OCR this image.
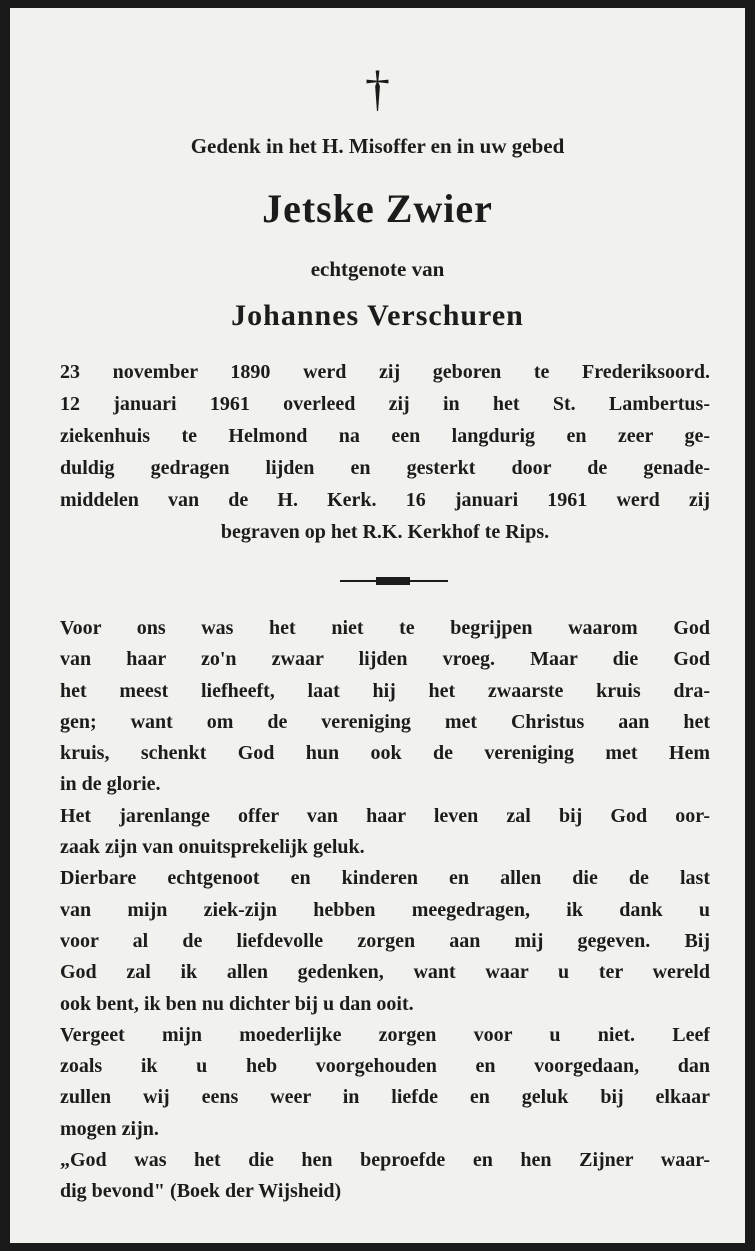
†
Gedenk in het H. Misoffer en in uw gebed
Jetske Zwier
echtgenote van
Johannes Verschuren
23 november 1890 werd zij geboren te Frederiksoord.
12 januari 1961 overleed zij in het St. Lambertus-
ziekenhuis te Helmond na een langdurig en zeer ge-
duldig gedragen lijden en gesterkt door de genade-
middelen van de H. Kerk. 16 januari 1961 werd zij
begraven op het R.K. Kerkhof te Rips.
Voor ons was het niet te begrijpen waarom God
van haar zo'n zwaar lijden vroeg. Maar die God
het meest liefheeft, laat hij het zwaarste kruis dra-
gen; want om de vereniging met Christus aan het
kruis, schenkt God hun ook de vereniging met Hem
in de glorie.
Het jarenlange offer van haar leven zal bij God oor-
zaak zijn van onuitsprekelijk geluk.
Dierbare echtgenoot en kinderen en allen die de last
van mijn ziek-zijn hebben meegedragen, ik dank u
voor al de liefdevolle zorgen aan mij gegeven. Bij
God zal ik allen gedenken, want waar u ter wereld
ook bent, ik ben nu dichter bij u dan ooit.
Vergeet mijn moederlijke zorgen voor u niet. Leef
zoals ik u heb voorgehouden en voorgedaan, dan
zullen wij eens weer in liefde en geluk bij elkaar
mogen zijn.
„God was het die hen beproefde en hen Zijner waar-
dig bevond" (Boek der Wijsheid)
